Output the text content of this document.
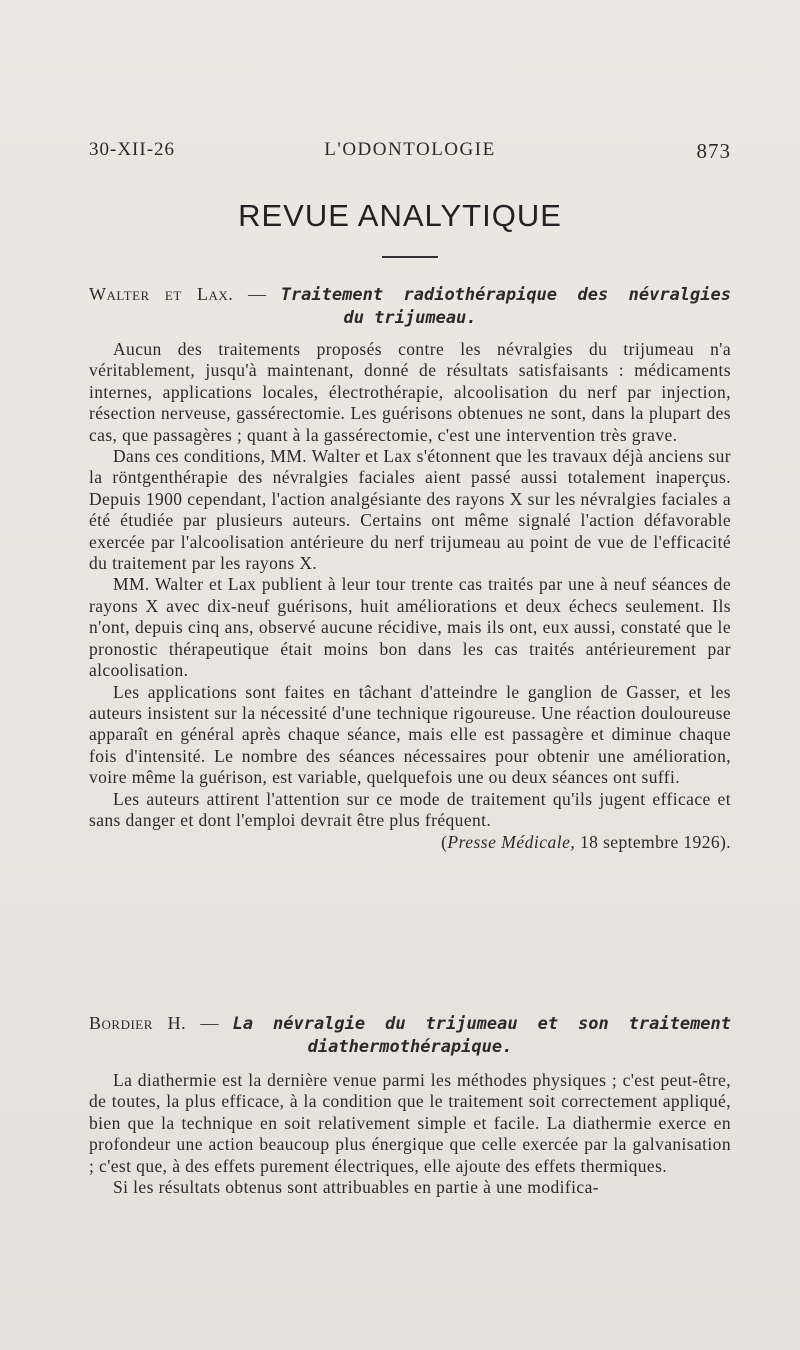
30-XII-26	L'ODONTOLOGIE	873
REVUE ANALYTIQUE
Walter et Lax. — Traitement radiothérapique des névralgies
du trijumeau.

Aucun des traitements proposés contre les névralgies du trijumeau n'a véritablement, jusqu'à maintenant, donné de résultats satisfaisants : médicaments internes, applications locales, électrothérapie, alcoolisation du nerf par injection, résection nerveuse, gassérectomie. Les guérisons obtenues ne sont, dans la plupart des cas, que passagères ; quant à la gassérectomie, c'est une intervention très grave.

Dans ces conditions, MM. Walter et Lax s'étonnent que les travaux déjà anciens sur la röntgenthérapie des névralgies faciales aient passé aussi totalement inaperçus. Depuis 1900 cependant, l'action analgésiante des rayons X sur les névralgies faciales a été étudiée par plusieurs auteurs. Certains ont même signalé l'action défavorable exercée par l'alcoolisation antérieure du nerf trijumeau au point de vue de l'efficacité du traitement par les rayons X.

MM. Walter et Lax publient à leur tour trente cas traités par une à neuf séances de rayons X avec dix-neuf guérisons, huit améliorations et deux échecs seulement. Ils n'ont, depuis cinq ans, observé aucune récidive, mais ils ont, eux aussi, constaté que le pronostic thérapeutique était moins bon dans les cas traités antérieurement par alcoolisation.

Les applications sont faites en tâchant d'atteindre le ganglion de Gasser, et les auteurs insistent sur la nécessité d'une technique rigoureuse. Une réaction douloureuse apparaît en général après chaque séance, mais elle est passagère et diminue chaque fois d'intensité. Le nombre des séances nécessaires pour obtenir une amélioration, voire même la guérison, est variable, quelquefois une ou deux séances ont suffi.

Les auteurs attirent l'attention sur ce mode de traitement qu'ils jugent efficace et sans danger et dont l'emploi devrait être plus fréquent.

(Presse Médicale, 18 septembre 1926).
Bordier H. — La névralgie du trijumeau et son traitement
diathermothérapique.

La diathermie est la dernière venue parmi les méthodes physiques ; c'est peut-être, de toutes, la plus efficace, à la condition que le traitement soit correctement appliqué, bien que la technique en soit relativement simple et facile. La diathermie exerce en profondeur une action beaucoup plus énergique que celle exercée par la galvanisation ; c'est que, à des effets purement électriques, elle ajoute des effets thermiques.

Si les résultats obtenus sont attribuables en partie à une modifica-
